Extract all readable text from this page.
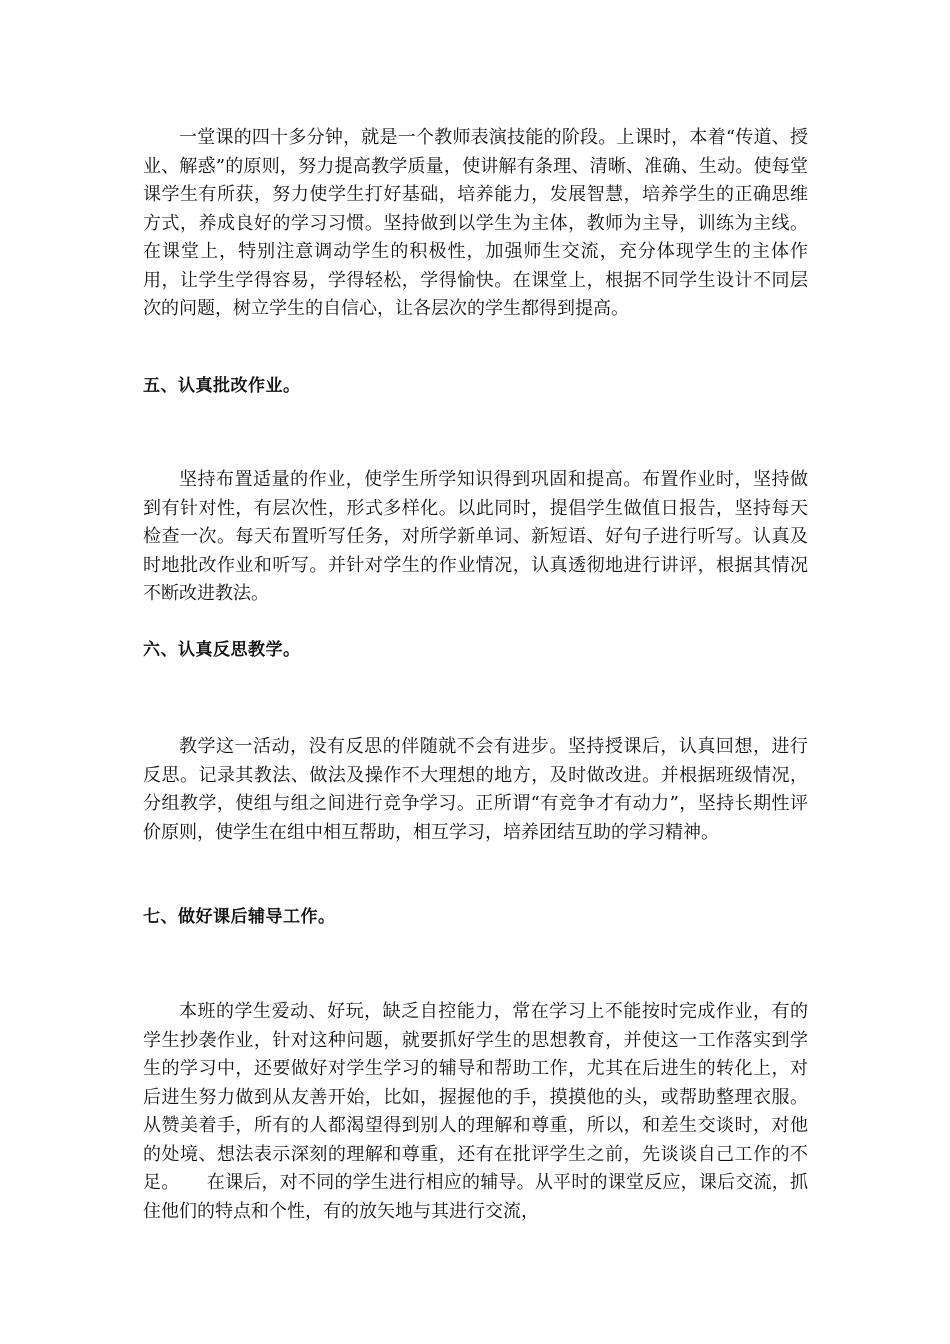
一堂课的四十多分钟，就是一个教师表演技能的阶段。上课时，本着“传道、授业、解惑”的原则，努力提高教学质量，使讲解有条理、清晰、准确、生动。使每堂课学生有所获，努力使学生打好基础，培养能力，发展智慧，培养学生的正确思维方式，养成良好的学习习惯。坚持做到以学生为主体，教师为主导，训练为主线。在课堂上，特别注意调动学生的积极性，加强师生交流，充分体现学生的主体作用，让学生学得容易，学得轻松，学得愉快。在课堂上，根据不同学生设计不同层次的问题，树立学生的自信心，让各层次的学生都得到提高。

五、认真批改作业。

坚持布置适量的作业，使学生所学知识得到巩固和提高。布置作业时，坚持做到有针对性，有层次性，形式多样化。以此同时，提倡学生做值日报告，坚持每天检查一次。每天布置听写任务，对所学新单词、新短语、好句子进行听写。认真及时地批改作业和听写。并针对学生的作业情况，认真透彻地进行讲评，根据其情况不断改进教法。

六、认真反思教学。

教学这一活动，没有反思的伴随就不会有进步。坚持授课后，认真回想，进行反思。记录其教法、做法及操作不大理想的地方，及时做改进。并根据班级情况，分组教学，使组与组之间进行竞争学习。正所谓“有竞争才有动力”，坚持长期性评价原则，使学生在组中相互帮助，相互学习，培养团结互助的学习精神。

七、做好课后辅导工作。

本班的学生爱动、好玩，缺乏自控能力，常在学习上不能按时完成作业，有的学生抄袭作业，针对这种问题，就要抓好学生的思想教育，并使这一工作落实到学生的学习中，还要做好对学生学习的辅导和帮助工作，尤其在后进生的转化上，对后进生努力做到从友善开始，比如，握握他的手，摸摸他的头，或帮助整理衣服。从赞美着手，所有的人都渴望得到别人的理解和尊重，所以，和差生交谈时，对他的处境、想法表示深刻的理解和尊重，还有在批评学生之前，先谈谈自己工作的不足。　　在课后，对不同的学生进行相应的辅导。从平时的课堂反应，课后交流，抓住他们的特点和个性，有的放矢地与其进行交流，
